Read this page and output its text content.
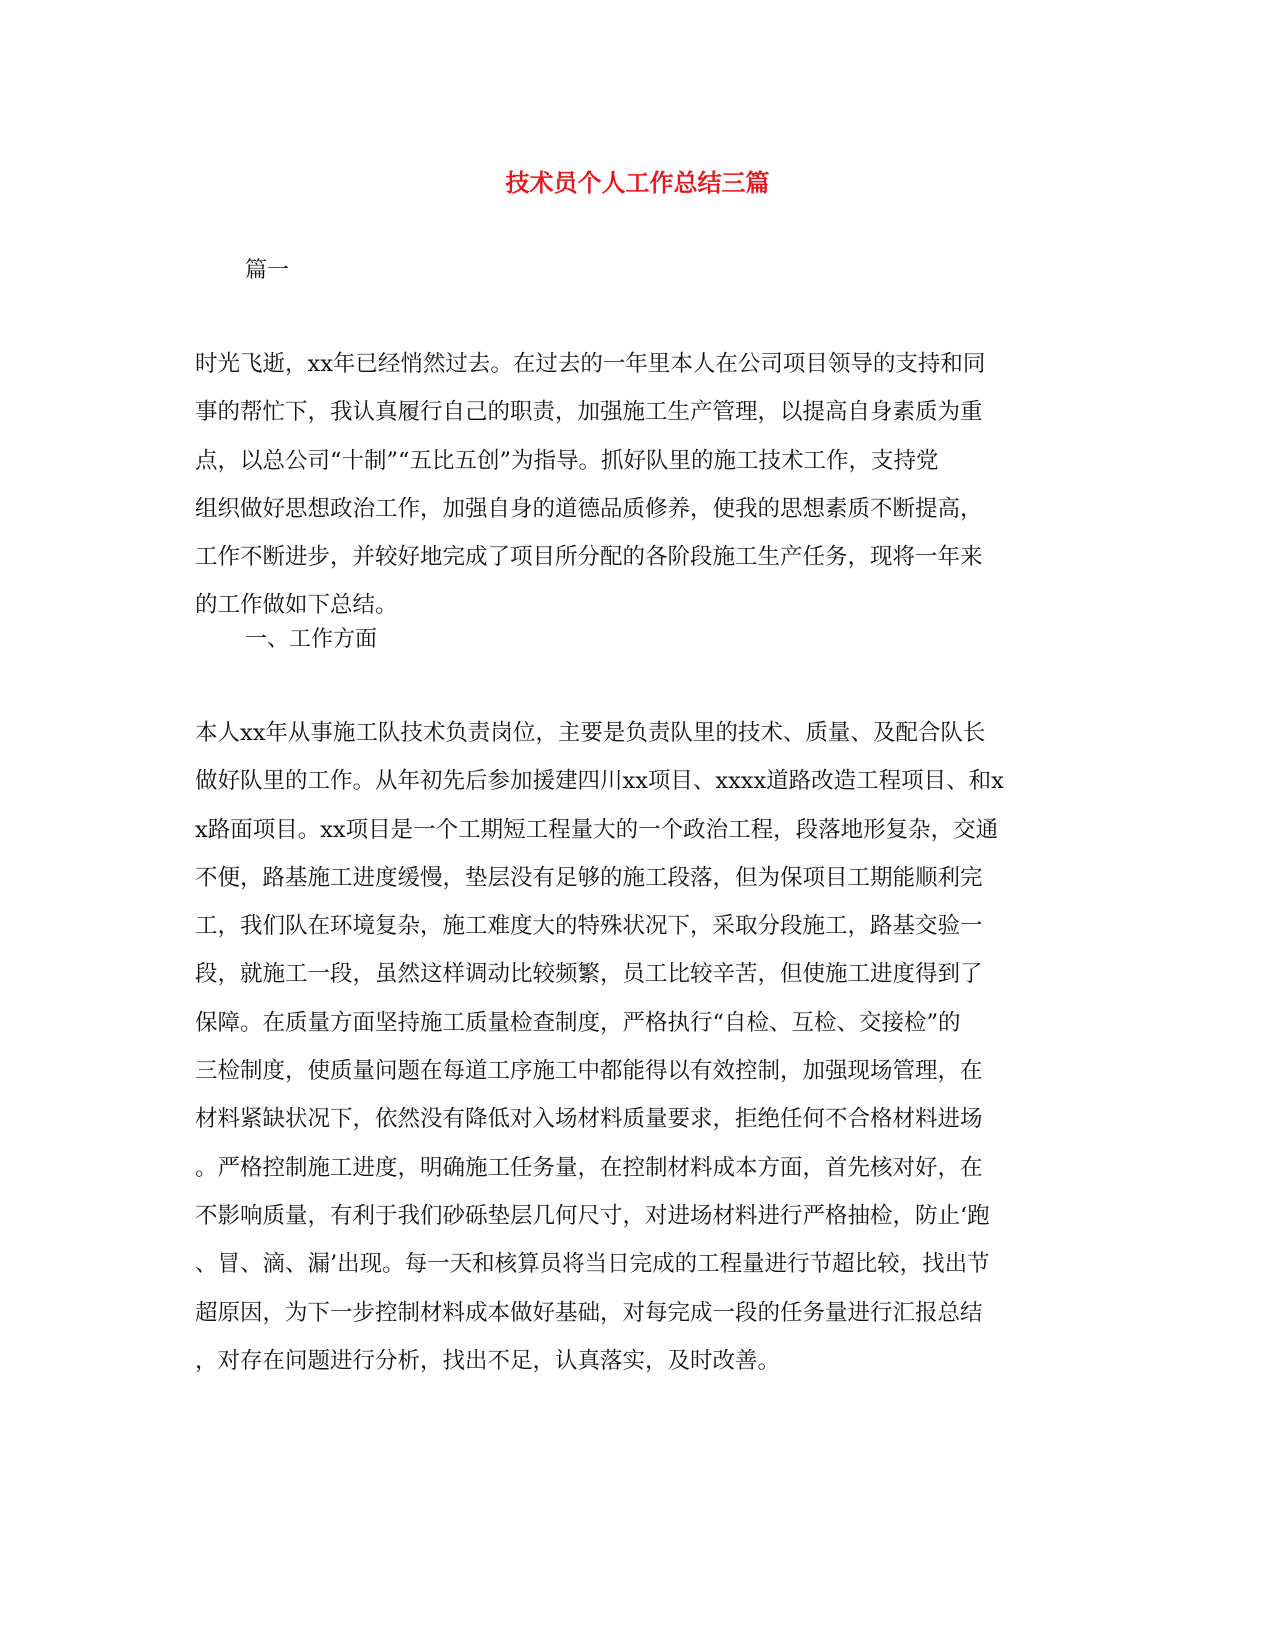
技术员个人工作总结三篇

篇一

时光飞逝，xx年已经悄然过去。在过去的一年里本人在公司项目领导的支持和同
事的帮忙下，我认真履行自己的职责，加强施工生产管理，以提高自身素质为重
点，以总公司“十制”“五比五创”为指导。抓好队里的施工技术工作，支持党
组织做好思想政治工作，加强自身的道德品质修养，使我的思想素质不断提高，
工作不断进步，并较好地完成了项目所分配的各阶段施工生产任务，现将一年来
的工作做如下总结。

一、工作方面

本人xx年从事施工队技术负责岗位，主要是负责队里的技术、质量、及配合队长
做好队里的工作。从年初先后参加援建四川xx项目、xxxx道路改造工程项目、和x
x路面项目。xx项目是一个工期短工程量大的一个政治工程，段落地形复杂，交通
不便，路基施工进度缓慢，垫层没有足够的施工段落，但为保项目工期能顺利完
工，我们队在环境复杂，施工难度大的特殊状况下，采取分段施工，路基交验一
段，就施工一段，虽然这样调动比较频繁，员工比较辛苦，但使施工进度得到了
保障。在质量方面坚持施工质量检查制度，严格执行“自检、互检、交接检”的
三检制度，使质量问题在每道工序施工中都能得以有效控制，加强现场管理，在
材料紧缺状况下，依然没有降低对入场材料质量要求，拒绝任何不合格材料进场
。严格控制施工进度，明确施工任务量，在控制材料成本方面，首先核对好，在
不影响质量，有利于我们砂砾垫层几何尺寸，对进场材料进行严格抽检，防止‘跑
、冒、滴、漏’出现。每一天和核算员将当日完成的工程量进行节超比较，找出节
超原因，为下一步控制材料成本做好基础，对每完成一段的任务量进行汇报总结
，对存在问题进行分析，找出不足，认真落实，及时改善。
